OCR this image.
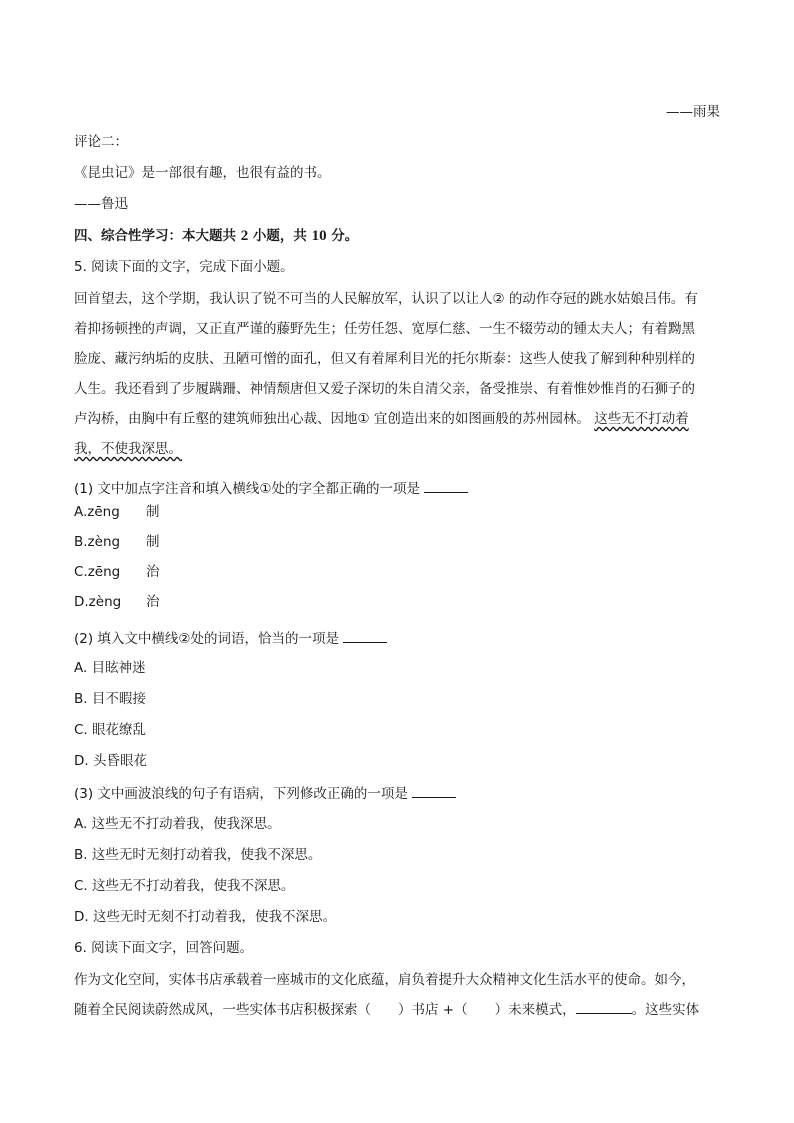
——雨果
评论二：
《昆虫记》是一部很有趣，也很有益的书。
——鲁迅
四、综合性学习：本大题共 2 小题，共 10 分。
5. 阅读下面的文字，完成下面小题。
回首望去，这个学期，我认识了锐不可当的人民解放军，认识了以让人② 的动作夺冠的跳水姑娘吕伟。有
着抑扬顿挫的声调，又正直严谨的藤野先生；任劳任怨、宽厚仁慈、一生不辍劳动的锺太夫人；有着黝黑
脸庞、藏污纳垢的皮肤、丑陋可憎的面孔，但又有着犀利目光的托尔斯泰：这些人使我了解到种种别样的
人生。我还看到了步履蹒跚、神情颓唐但又爱子深切的朱自清父亲，备受推崇、有着惟妙惟肖的石狮子的
卢沟桥，由胸中有丘壑的建筑师独出心裁、因地① 宜创造出来的如图画般的苏州园林。 这些无不打动着
我，不使我深思。
(1) 文中加点字注音和填入横线①处的字全都正确的一项是
A.zēng 制
B.zèng 制
C.zēng 治
D.zèng 治
(2) 填入文中横线②处的词语，恰当的一项是
A. 目眩神迷
B. 目不暇接
C. 眼花缭乱
D. 头昏眼花
(3) 文中画波浪线的句子有语病，下列修改正确的一项是
A. 这些无不打动着我，使我深思。
B. 这些无时无刻打动着我，使我不深思。
C. 这些无不打动着我，使我不深思。
D. 这些无时无刻不打动着我，使我不深思。
6. 阅读下面文字，回答问题。
作为文化空间，实体书店承载着一座城市的文化底蕴，肩负着提升大众精神文化生活水平的使命。如今，
随着全民阅读蔚然成风，一些实体书店积极探索（　　）书店 +（　　）未来模式，	。这些实体
